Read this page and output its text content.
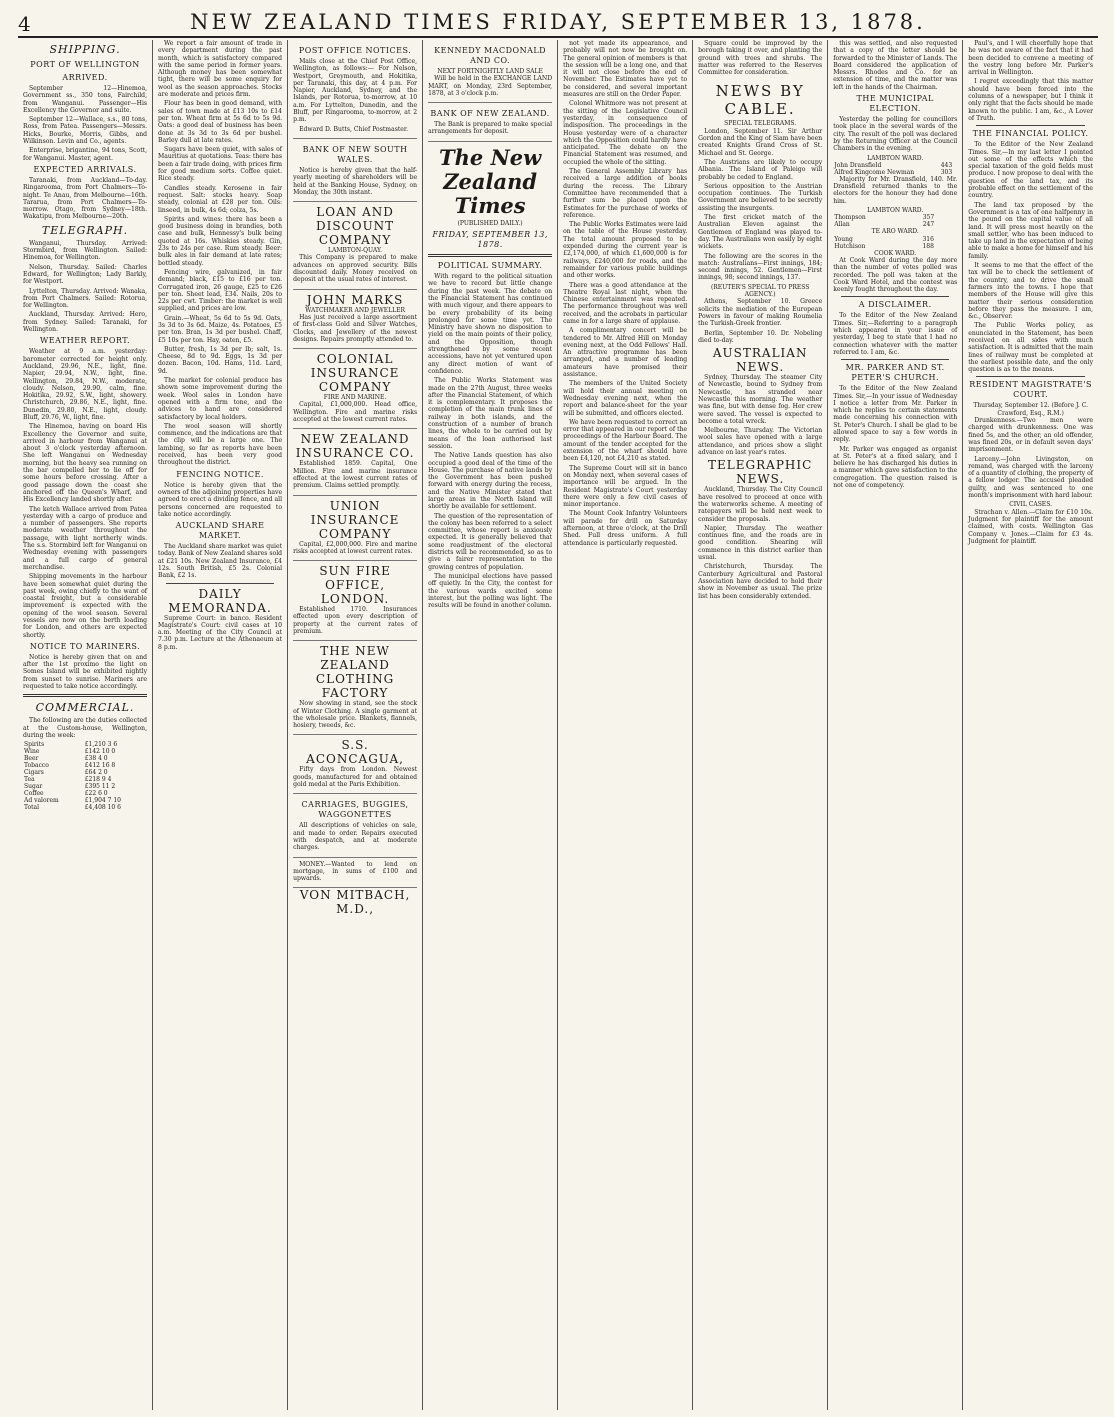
4	NEW ZEALAND TIMES FRIDAY, SEPTEMBER 13, 1878.
SHIPPING.
PORT OF WELLINGTON
ARRIVED.

September 12—Hinemoa, Government ss., 350 tons, Fairchild, from Wanganui. Passenger—His Excellency the Governor and suite.

September 12—Wallace, s.s., 80 tons, Ross, from Patea. Passengers—Messrs. Hicks, Bourke, Morris, Gibbs, and Wilkinson. Levin and Co., agents.

Enterprise, brigantine, 94 tons, Scott, for Wanganui. Master, agent.

EXPECTED ARRIVALS.

Taranaki, from Auckland—To-day. Ringarooma, from Port Chalmers—To-night. Te Anau, from Melbourne—16th. Tararua, from Port Chalmers—To-morrow. Otago, from Sydney—18th. Wakatipu, from Melbourne—20th.

TELEGRAPH.

Wanganui, Thursday. Arrived: Stormbird, from Wellington. Sailed: Hinemoa, for Wellington.

Nelson, Thursday. Sailed: Charles Edward, for Wellington; Lady Barkly, for Westport.

Lyttelton, Thursday. Arrived: Wanaka, from Port Chalmers. Sailed: Rotorua, for Wellington.

Auckland, Thursday. Arrived: Hero, from Sydney. Sailed: Taranaki, for Wellington.

WEATHER REPORT.

Weather at 9 a.m. yesterday: barometer corrected for height only. Auckland, 29.96, N.E., light, fine. Napier, 29.94, N.W., light, fine. Wellington, 29.84, N.W., moderate, cloudy. Nelson, 29.90, calm, fine. Hokitika, 29.92, S.W., light, showery. Christchurch, 29.86, N.E., light, fine. Dunedin, 29.80, N.E., light, cloudy. Bluff, 29.76, W., light, fine.

The Hinemoa, having on board His Excellency the Governor and suite, arrived in harbour from Wanganui at about 3 o'clock yesterday afternoon. She left Wanganui on Wednesday morning, but the heavy sea running on the bar compelled her to lie off for some hours before crossing. After a good passage down the coast she anchored off the Queen's Wharf, and His Excellency landed shortly after.

The ketch Wallace arrived from Patea yesterday with a cargo of produce and a number of passengers. She reports moderate weather throughout the passage, with light northerly winds. The s.s. Stormbird left for Wanganui on Wednesday evening with passengers and a full cargo of general merchandise.

Shipping movements in the harbour have been somewhat quiet during the past week, owing chiefly to the want of coastal freight, but a considerable improvement is expected with the opening of the wool season. Several vessels are now on the berth loading for London, and others are expected shortly.

NOTICE TO MARINERS.

Notice is hereby given that on and after the 1st proximo the light on Somes Island will be exhibited nightly from sunset to sunrise. Mariners are requested to take notice accordingly.

COMMERCIAL.

The following are the duties collected at the Custom-house, Wellington, during the week:

Spirits	£1,210 3 6
Wine	£142 10 0
Beer	£38 4 0
Tobacco	£412 16 8
Cigars	£64 2 0
Tea	£218 9 4
Sugar	£395 11 2
Coffee	£22 6 0
Ad valorem	£1,904 7 10
Total	£4,408 10 6

We report a fair amount of trade in every department during the past month, which is satisfactory compared with the same period in former years. Although money has been somewhat tight, there will be some enquiry for wool as the season approaches. Stocks are moderate and prices firm.

Flour has been in good demand, with sales of town made at £13 10s to £14 per ton. Wheat firm at 5s 6d to 5s 9d. Oats: a good deal of business has been done at 3s 3d to 3s 6d per bushel. Barley dull at late rates.

Sugars have been quiet, with sales of Mauritius at quotations. Teas: there has been a fair trade doing, with prices firm for good medium sorts. Coffee quiet. Rice steady.

Candles steady. Kerosene in fair request. Salt: stocks heavy. Soap steady, colonial at £28 per ton. Oils: linseed, in bulk, 4s 6d; colza, 5s.

Spirits and wines: there has been a good business doing in brandies, both case and bulk, Hennessy's bulk being quoted at 16s. Whiskies steady. Gin, 23s to 24s per case. Rum steady. Beer: bulk ales in fair demand at late rates; bottled steady.

Fencing wire, galvanized, in fair demand; black, £15 to £16 per ton. Corrugated iron, 26 gauge, £25 to £26 per ton. Sheet lead, £34. Nails, 20s to 22s per cwt. Timber: the market is well supplied, and prices are low.

Grain.—Wheat, 5s 6d to 5s 9d. Oats, 3s 3d to 3s 6d. Maize, 4s. Potatoes, £5 per ton. Bran, 1s 3d per bushel. Chaff, £5 10s per ton. Hay, oaten, £5.

Butter, fresh, 1s 3d per lb; salt, 1s. Cheese, 8d to 9d. Eggs, 1s 3d per dozen. Bacon, 10d. Hams, 11d. Lard, 9d.

The market for colonial produce has shown some improvement during the week. Wool sales in London have opened with a firm tone, and the advices to hand are considered satisfactory by local holders.

The wool season will shortly commence, and the indications are that the clip will be a large one. The lambing, so far as reports have been received, has been very good throughout the district.

FENCING NOTICE.

Notice is hereby given that the owners of the adjoining properties have agreed to erect a dividing fence, and all persons concerned are requested to take notice accordingly.

AUCKLAND SHARE MARKET.

The Auckland share market was quiet today. Bank of New Zealand shares sold at £21 10s. New Zealand Insurance, £4 12s. South British, £5 2s. Colonial Bank, £2 1s.

DAILY MEMORANDA.

Supreme Court: in banco. Resident Magistrate's Court: civil cases at 10 a.m. Meeting of the City Council at 7.30 p.m. Lecture at the Athenaeum at 8 p.m.

POST OFFICE NOTICES.

Mails close at the Chief Post Office, Wellington, as follows:— For Nelson, Westport, Greymouth, and Hokitika, per Taranaki, this day, at 4 p.m. For Napier, Auckland, Sydney, and the Islands, per Rotorua, to-morrow, at 10 a.m. For Lyttelton, Dunedin, and the Bluff, per Ringarooma, to-morrow, at 2 p.m.

Edward D. Butts, Chief Postmaster.

BANK OF NEW SOUTH WALES.

Notice is hereby given that the half-yearly meeting of shareholders will be held at the Banking House, Sydney, on Monday, the 30th instant.

LOAN AND DISCOUNT COMPANY
LAMBTON-QUAY.

This Company is prepared to make advances on approved security. Bills discounted daily. Money received on deposit at the usual rates of interest.

JOHN MARKS
WATCHMAKER AND JEWELLER

Has just received a large assortment of first-class Gold and Silver Watches, Clocks, and Jewellery of the newest designs. Repairs promptly attended to.

COLONIAL INSURANCE COMPANY
FIRE AND MARINE.

Capital, £1,000,000. Head office, Wellington. Fire and marine risks accepted at the lowest current rates.

NEW ZEALAND INSURANCE CO.

Established 1859. Capital, One Million. Fire and marine insurance effected at the lowest current rates of premium. Claims settled promptly.

UNION INSURANCE COMPANY

Capital, £2,000,000. Fire and marine risks accepted at lowest current rates.

SUN FIRE OFFICE, LONDON.

Established 1710. Insurances effected upon every description of property at the current rates of premium.

THE NEW ZEALAND CLOTHING FACTORY

Now showing in stand, see the stock of Winter Clothing. A single garment at the wholesale price. Blankets, flannels, hosiery, tweeds, &c.

S.S. ACONCAGUA,

Fifty days from London. Newest goods, manufactured for and obtained gold medal at the Paris Exhibition.

CARRIAGES, BUGGIES, WAGGONETTES

All descriptions of vehicles on sale, and made to order. Repairs executed with despatch, and at moderate charges.

MONEY.—Wanted to lend on mortgage, in sums of £100 and upwards.

VON MITBACH, M.D.,
KENNEDY MACDONALD AND CO.
NEXT FORTNIGHTLY LAND SALE

Will be held in the EXCHANGE LAND MART, on Monday, 23rd September, 1878, at 3 o'clock p.m.

BANK OF NEW ZEALAND.

The Bank is prepared to make special arrangements for deposit.

The New Zealand Times
(PUBLISHED DAILY.)
FRIDAY, SEPTEMBER 13, 1878.
POLITICAL SUMMARY.

With regard to the political situation we have to record but little change during the past week. The debate on the Financial Statement has continued with much vigour, and there appears to be every probability of its being prolonged for some time yet. The Ministry have shown no disposition to yield on the main points of their policy, and the Opposition, though strengthened by some recent accessions, have not yet ventured upon any direct motion of want of confidence.

The Public Works Statement was made on the 27th August, three weeks after the Financial Statement, of which it is complementary. It proposes the completion of the main trunk lines of railway in both islands, and the construction of a number of branch lines, the whole to be carried out by means of the loan authorised last session.

The Native Lands question has also occupied a good deal of the time of the House. The purchase of native lands by the Government has been pushed forward with energy during the recess, and the Native Minister stated that large areas in the North Island will shortly be available for settlement.

The question of the representation of the colony has been referred to a select committee, whose report is anxiously expected. It is generally believed that some readjustment of the electoral districts will be recommended, so as to give a fairer representation to the growing centres of population.

The municipal elections have passed off quietly. In the City, the contest for the various wards excited some interest, but the polling was light. The results will be found in another column.

not yet made its appearance, and probably will not now be brought on. The general opinion of members is that the session will be a long one, and that it will not close before the end of November. The Estimates have yet to be considered, and several important measures are still on the Order Paper.

Colonel Whitmore was not present at the sitting of the Legislative Council yesterday, in consequence of indisposition. The proceedings in the House yesterday were of a character which the Opposition could hardly have anticipated. The debate on the Financial Statement was resumed, and occupied the whole of the sitting.

The General Assembly Library has received a large addition of books during the recess. The Library Committee have recommended that a further sum be placed upon the Estimates for the purchase of works of reference.

The Public Works Estimates were laid on the table of the House yesterday. The total amount proposed to be expended during the current year is £2,174,000, of which £1,600,000 is for railways, £240,000 for roads, and the remainder for various public buildings and other works.

There was a good attendance at the Theatre Royal last night, when the Chinese entertainment was repeated. The performance throughout was well received, and the acrobats in particular came in for a large share of applause.

A complimentary concert will be tendered to Mr. Alfred Hill on Monday evening next, at the Odd Fellows' Hall. An attractive programme has been arranged, and a number of leading amateurs have promised their assistance.

The members of the United Society will hold their annual meeting on Wednesday evening next, when the report and balance-sheet for the year will be submitted, and officers elected.

We have been requested to correct an error that appeared in our report of the proceedings of the Harbour Board. The amount of the tender accepted for the extension of the wharf should have been £4,120, not £4,210 as stated.

The Supreme Court will sit in banco on Monday next, when several cases of importance will be argued. In the Resident Magistrate's Court yesterday there were only a few civil cases of minor importance.

The Mount Cook Infantry Volunteers will parade for drill on Saturday afternoon, at three o'clock, at the Drill Shed. Full dress uniform. A full attendance is particularly requested.

Square could be improved by the borough taking it over, and planting the ground with trees and shrubs. The matter was referred to the Reserves Committee for consideration.

NEWS BY CABLE.
SPECIAL TELEGRAMS.

London, September 11. Sir Arthur Gordon and the King of Siam have been created Knights Grand Cross of St. Michael and St. George.

The Austrians are likely to occupy Albania. The Island of Paleigo will probably be ceded to England.

Serious opposition to the Austrian occupation continues. The Turkish Government are believed to be secretly assisting the insurgents.

The first cricket match of the Australian Eleven against the Gentlemen of England was played to-day. The Australians won easily by eight wickets.

The following are the scores in the match: Australians—First innings, 184; second innings, 52. Gentlemen—First innings, 98; second innings, 137.

(REUTER'S SPECIAL TO PRESS AGENCY.)

Athens, September 10. Greece solicits the mediation of the European Powers in favour of making Roumelia the Turkish-Greek frontier.

Berlin, September 10. Dr. Nobeling died to-day.

AUSTRALIAN NEWS.

Sydney, Thursday. The steamer City of Newcastle, bound to Sydney from Newcastle, has stranded near Newcastle this morning. The weather was fine, but with dense fog. Her crew were saved. The vessel is expected to become a total wreck.

Melbourne, Thursday. The Victorian wool sales have opened with a large attendance, and prices show a slight advance on last year's rates.

TELEGRAPHIC NEWS.

Auckland, Thursday. The City Council have resolved to proceed at once with the waterworks scheme. A meeting of ratepayers will be held next week to consider the proposals.

Napier, Thursday. The weather continues fine, and the roads are in good condition. Shearing will commence in this district earlier than usual.

Christchurch, Thursday. The Canterbury Agricultural and Pastoral Association have decided to hold their show in November as usual. The prize list has been considerably extended.

this was settled, and also requested that a copy of the letter should be forwarded to the Minister of Lands. The Board considered the application of Messrs. Rhodes and Co. for an extension of time, and the matter was left in the hands of the Chairman.

THE MUNICIPAL ELECTION.

Yesterday the polling for councillors took place in the several wards of the city. The result of the poll was declared by the Returning Officer at the Council Chambers in the evening.

LAMBTON WARD.
John Dransfield	443
Alfred Kingcome Newman	303

Majority for Mr. Dransfield, 140. Mr. Dransfield returned thanks to the electors for the honour they had done him.

LAMBTON WARD.
Thompson	357
Allan	247
TE ARO WARD.
Young	316
Hutchison	188
COOK WARD.

At Cook Ward during the day more than the number of votes polled was recorded. The poll was taken at the Cook Ward Hotel, and the contest was keenly fought throughout the day.

A DISCLAIMER.

To the Editor of the New Zealand Times. Sir,—Referring to a paragraph which appeared in your issue of yesterday, I beg to state that I had no connection whatever with the matter referred to. I am, &c.

MR. PARKER AND ST. PETER'S CHURCH.

To the Editor of the New Zealand Times. Sir,—In your issue of Wednesday I notice a letter from Mr. Parker in which he replies to certain statements made concerning his connection with St. Peter's Church. I shall be glad to be allowed space to say a few words in reply.

Mr. Parker was engaged as organist at St. Peter's at a fixed salary, and I believe he has discharged his duties in a manner which gave satisfaction to the congregation. The question raised is not one of competency.

Paul's, and I will cheerfully hope that he was not aware of the fact that it had been decided to convene a meeting of the vestry long before Mr. Parker's arrival in Wellington.

I regret exceedingly that this matter should have been forced into the columns of a newspaper, but I think it only right that the facts should be made known to the public. I am, &c., A Lover of Truth.

THE FINANCIAL POLICY.

To the Editor of the New Zealand Times. Sir,—In my last letter I pointed out some of the effects which the special taxation of the gold fields must produce. I now propose to deal with the question of the land tax, and its probable effect on the settlement of the country.

The land tax proposed by the Government is a tax of one halfpenny in the pound on the capital value of all land. It will press most heavily on the small settler, who has been induced to take up land in the expectation of being able to make a home for himself and his family.

It seems to me that the effect of the tax will be to check the settlement of the country, and to drive the small farmers into the towns. I hope that members of the House will give this matter their serious consideration before they pass the measure. I am, &c., Observer.

The Public Works policy, as enunciated in the Statement, has been received on all sides with much satisfaction. It is admitted that the main lines of railway must be completed at the earliest possible date, and the only question is as to the means.

RESIDENT MAGISTRATE'S COURT.
Thursday, September 12. (Before J. C. Crawford, Esq., R.M.)

Drunkenness.—Two men were charged with drunkenness. One was fined 5s, and the other, an old offender, was fined 20s, or in default seven days' imprisonment.

Larceny.—John Livingston, on remand, was charged with the larceny of a quantity of clothing, the property of a fellow lodger. The accused pleaded guilty, and was sentenced to one month's imprisonment with hard labour.

CIVIL CASES.

Strachan v. Allen.—Claim for £10 10s. Judgment for plaintiff for the amount claimed, with costs. Wellington Gas Company v. Jones.—Claim for £3 4s. Judgment for plaintiff.
